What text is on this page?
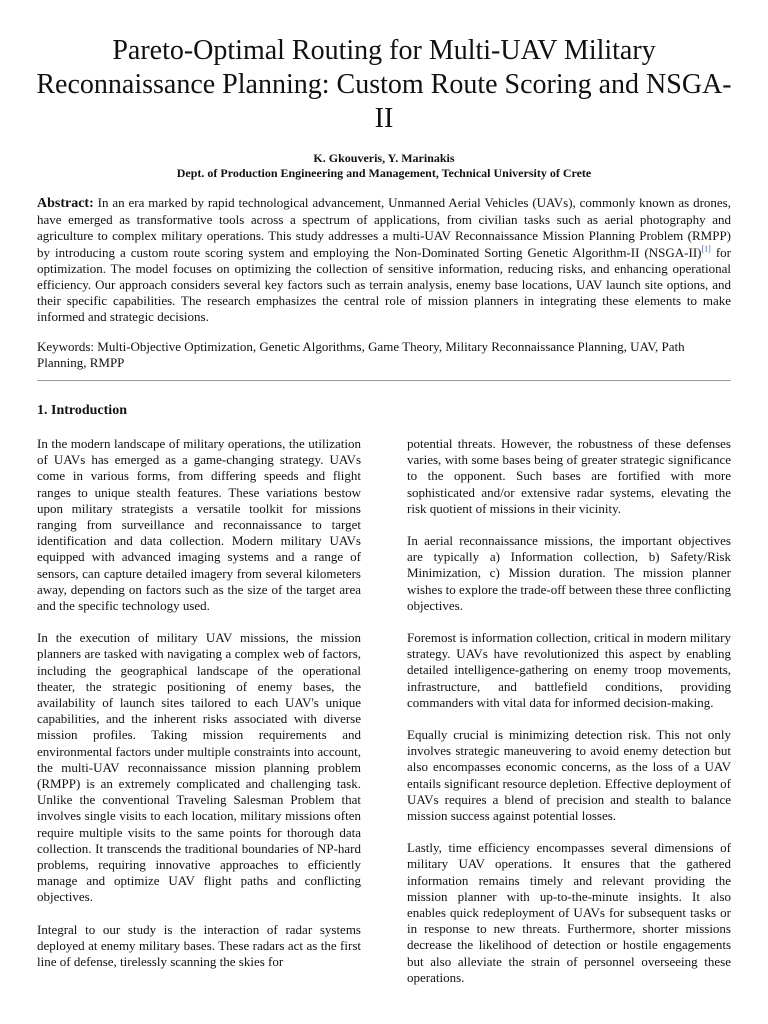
Pareto-Optimal Routing for Multi-UAV Military Reconnaissance Planning: Custom Route Scoring and NSGA-II

K. Gkouveris, Y. Marinakis

Dept. of Production Engineering and Management, Technical University of Crete

Abstract: In an era marked by rapid technological advancement, Unmanned Aerial Vehicles (UAVs), commonly known as drones, have emerged as transformative tools across a spectrum of applications, from civilian tasks such as aerial photography and agriculture to complex military operations. This study addresses a multi-UAV Reconnaissance Mission Planning Problem (RMPP) by introducing a custom route scoring system and employing the Non-Dominated Sorting Genetic Algorithm-II (NSGA-II)[1] for optimization. The model focuses on optimizing the collection of sensitive information, reducing risks, and enhancing operational efficiency. Our approach considers several key factors such as terrain analysis, enemy base locations, UAV launch site options, and their specific capabilities. The research emphasizes the central role of mission planners in integrating these elements to make informed and strategic decisions.

Keywords: Multi-Objective Optimization, Genetic Algorithms, Game Theory, Military Reconnaissance Planning, UAV, Path Planning, RMPP

1. Introduction

In the modern landscape of military operations, the utilization of UAVs has emerged as a game-changing strategy. UAVs come in various forms, from differing speeds and flight ranges to unique stealth features. These variations bestow upon military strategists a versatile toolkit for missions ranging from surveillance and reconnaissance to target identification and data collection. Modern military UAVs equipped with advanced imaging systems and a range of sensors, can capture detailed imagery from several kilometers away, depending on factors such as the size of the target area and the specific technology used.

In the execution of military UAV missions, the mission planners are tasked with navigating a complex web of factors, including the geographical landscape of the operational theater, the strategic positioning of enemy bases, the availability of launch sites tailored to each UAV's unique capabilities, and the inherent risks associated with diverse mission profiles. Taking mission requirements and environmental factors under multiple constraints into account, the multi-UAV reconnaissance mission planning problem (RMPP) is an extremely complicated and challenging task. Unlike the conventional Traveling Salesman Problem that involves single visits to each location, military missions often require multiple visits to the same points for thorough data collection. It transcends the traditional boundaries of NP-hard problems, requiring innovative approaches to efficiently manage and optimize UAV flight paths and conflicting objectives.

Integral to our study is the interaction of radar systems deployed at enemy military bases. These radars act as the first line of defense, tirelessly scanning the skies for

potential threats. However, the robustness of these defenses varies, with some bases being of greater strategic significance to the opponent. Such bases are fortified with more sophisticated and/or extensive radar systems, elevating the risk quotient of missions in their vicinity.

In aerial reconnaissance missions, the important objectives are typically a) Information collection, b) Safety/Risk Minimization, c) Mission duration. The mission planner wishes to explore the trade-off between these three conflicting objectives.

Foremost is information collection, critical in modern military strategy. UAVs have revolutionized this aspect by enabling detailed intelligence-gathering on enemy troop movements, infrastructure, and battlefield conditions, providing commanders with vital data for informed decision-making.

Equally crucial is minimizing detection risk. This not only involves strategic maneuvering to avoid enemy detection but also encompasses economic concerns, as the loss of a UAV entails significant resource depletion. Effective deployment of UAVs requires a blend of precision and stealth to balance mission success against potential losses.

Lastly, time efficiency encompasses several dimensions of military UAV operations. It ensures that the gathered information remains timely and relevant providing the mission planner with up-to-the-minute insights. It also enables quick redeployment of UAVs for subsequent tasks or in response to new threats. Furthermore, shorter missions decrease the likelihood of detection or hostile engagements but also alleviate the strain of personnel overseeing these operations.
